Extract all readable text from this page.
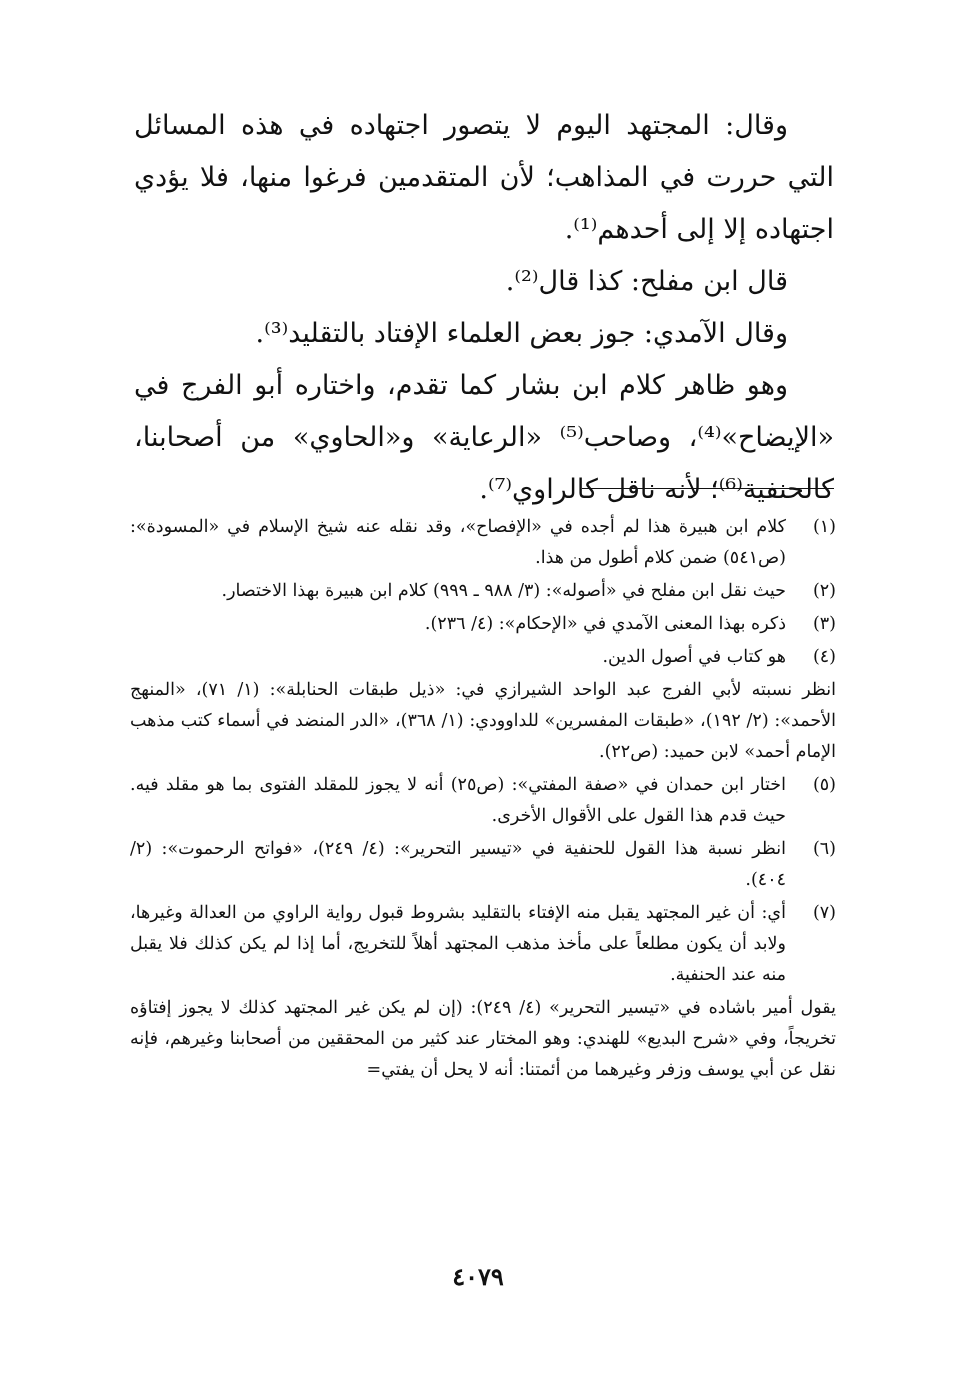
وقال: المجتهد اليوم لا يتصور اجتهاده في هذه المسائل التي حررت في المذاهب؛ لأن المتقدمين فرغوا منها، فلا يؤدي اجتهاده إلا إلى أحدهم⁽¹⁾.

قال ابن مفلح: كذا قال⁽²⁾.

وقال الآمدي: جوز بعض العلماء الإفتاد بالتقليد⁽³⁾.

وهو ظاهر كلام ابن بشار كما تقدم، واختاره أبو الفرج في «الإيضاح»⁽⁴⁾، وصاحب⁽⁵⁾ «الرعاية» و«الحاوي» من أصحابنا، كالحنفية⁽⁶⁾؛ لأنه ناقل كالراوي⁽⁷⁾.

(١)
كلام ابن هبيرة هذا لم أجده في «الإفصاح»، وقد نقله عنه شيخ الإسلام في «المسودة»: (ص٥٤١) ضمن كلام أطول من هذا.
(٢)
حيث نقل ابن مفلح في «أصوله»: (٣/ ٩٨٨ ـ ٩٩٩) كلام ابن هبيرة بهذا الاختصار.
(٣)
ذكره بهذا المعنى الآمدي في «الإحكام»: (٤/ ٢٣٦).
(٤)
هو كتاب في أصول الدين.

انظر نسبته لأبي الفرج عبد الواحد الشيرازي في: «ذيل طبقات الحنابلة»: (١/ ٧١)، «المنهج الأحمد»: (٢/ ١٩٢)، «طبقات المفسرين» للداوودي: (١/ ٣٦٨)، «الدر المنضد في أسماء كتب مذهب الإمام أحمد» لابن حميد: (ص٢٢).

(٥)
اختار ابن حمدان في «صفة المفتي»: (ص٢٥) أنه لا يجوز للمقلد الفتوى بما هو مقلد فيه. حيث قدم هذا القول على الأقوال الأخرى.
(٦)
انظر نسبة هذا القول للحنفية في «تيسير التحرير»: (٤/ ٢٤٩)، «فواتح الرحموت»: (٢/ ٤٠٤).
(٧)
أي: أن غير المجتهد يقبل منه الإفتاء بالتقليد بشروط قبول رواية الراوي من العدالة وغيرها، ولابد أن يكون مطلعاً على مأخذ مذهب المجتهد أهلاً للتخريج، أما إذا لم يكن كذلك فلا يقبل منه عند الحنفية.

يقول أمير باشاده في «تيسير التحرير» (٤/ ٢٤٩): (إن لم يكن غير المجتهد كذلك لا يجوز إفتاؤه تخريجاً، وفي «شرح البديع» للهندي: وهو المختار عند كثير من المحققين من أصحابنا وغيرهم، فإنه نقل عن أبي يوسف وزفر وغيرهما من أئمتنا: أنه لا يحل أن يفتي=

٤٠٧٩
